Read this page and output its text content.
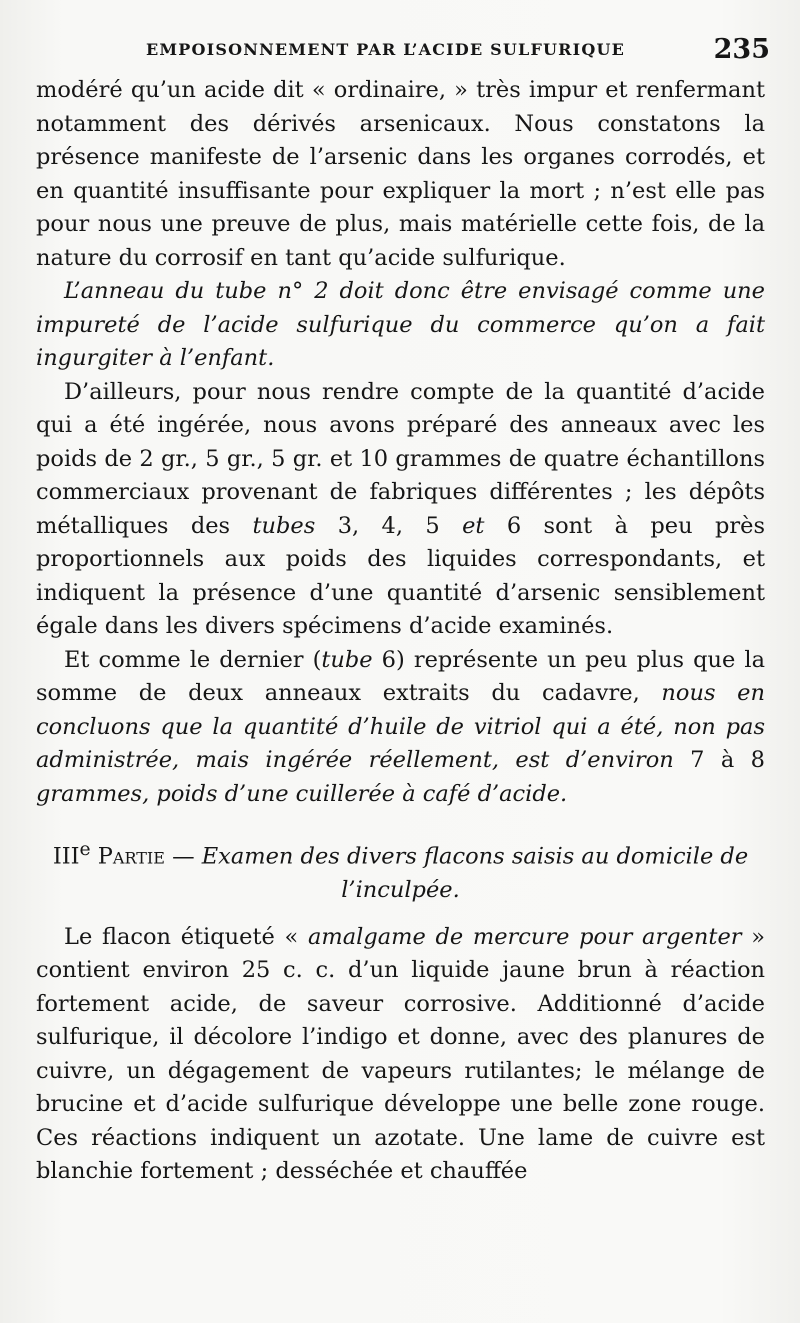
EMPOISONNEMENT PAR L’ACIDE SULFURIQUE	235

modéré qu’un acide dit « ordinaire, » très impur et renfermant notamment des dérivés arsenicaux. Nous constatons la présence manifeste de l’arsenic dans les organes corrodés, et en quantité insuffisante pour expliquer la mort ; n’est elle pas pour nous une preuve de plus, mais matérielle cette fois, de la nature du corrosif en tant qu’acide sulfurique.

L’anneau du tube n° 2 doit donc être envisagé comme une impureté de l’acide sulfurique du commerce qu’on a fait ingurgiter à l’enfant.

D’ailleurs, pour nous rendre compte de la quantité d’acide qui a été ingérée, nous avons préparé des anneaux avec les poids de 2 gr., 5 gr., 5 gr. et 10 grammes de quatre échantillons commerciaux provenant de fabriques différentes ; les dépôts métalliques des tubes 3, 4, 5 et 6 sont à peu près proportionnels aux poids des liquides correspondants, et indiquent la présence d’une quantité d’arsenic sensiblement égale dans les divers spécimens d’acide examinés.

Et comme le dernier (tube 6) représente un peu plus que la somme de deux anneaux extraits du cadavre, nous en concluons que la quantité d’huile de vitriol qui a été, non pas administrée, mais ingérée réellement, est d’environ 7 à 8 grammes, poids d’une cuillerée à café d’acide.

IIIe Partie — Examen des divers flacons saisis au domicile de l’inculpée.

Le flacon étiqueté « amalgame de mercure pour argenter » contient environ 25 c. c. d’un liquide jaune brun à réaction fortement acide, de saveur corrosive. Additionné d’acide sulfurique, il décolore l’indigo et donne, avec des planures de cuivre, un dégagement de vapeurs rutilantes; le mélange de brucine et d’acide sulfurique développe une belle zone rouge. Ces réactions indiquent un azotate. Une lame de cuivre est blanchie fortement ; desséchée et chauffée
